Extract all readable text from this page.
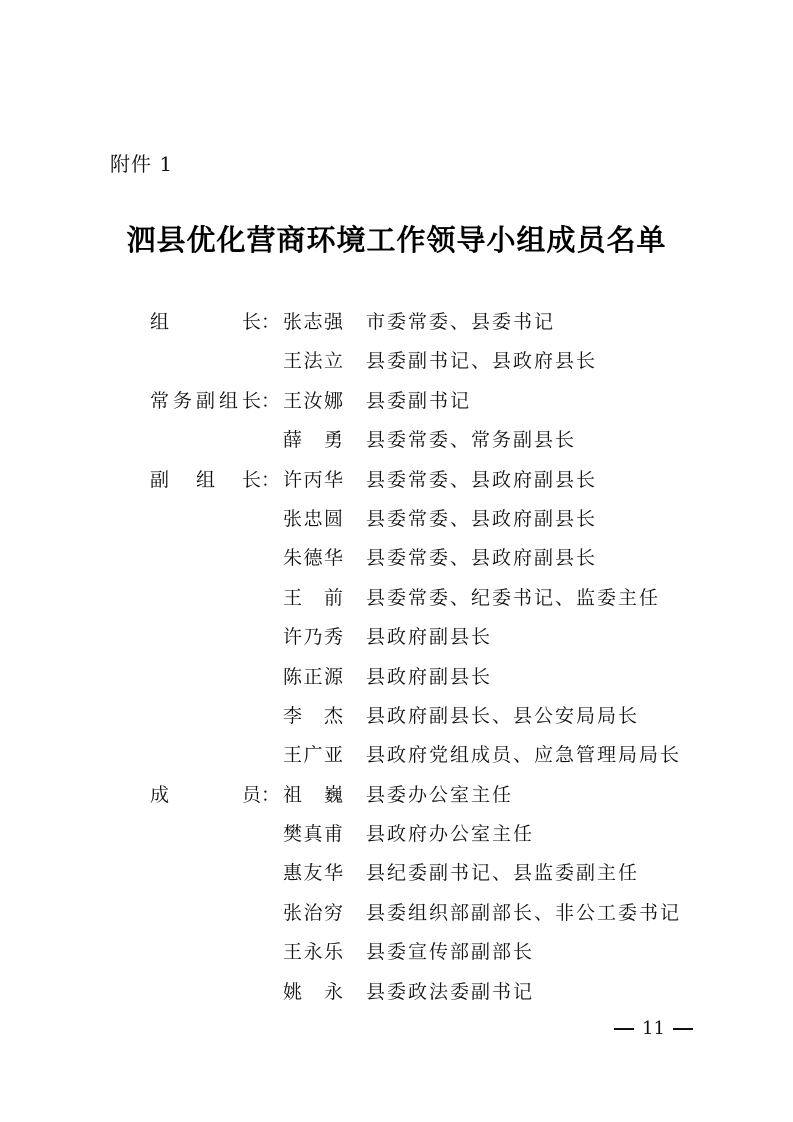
附件 1
泗县优化营商环境工作领导小组成员名单
组	长： 张 志 强 市委常委、县委书记
王 法 立 县委副书记、县政府县长
常 务 副 组 长： 王 汝 娜 县委副书记
薛 勇 县委常委、常务副县长
副 组 长： 许 丙 华 县委常委、县政府副县长
张 忠 圆 县委常委、县政府副县长
朱 德 华 县委常委、县政府副县长
王 前 县委常委、纪委书记、监委主任
许 乃 秀 县政府副县长
陈 正 源 县政府副县长
李 杰 县政府副县长、县公安局局长
王 广 亚 县政府党组成员、应急管理局局长
成	员： 祖 巍 县委办公室主任
樊 真 甫 县政府办公室主任
惠 友 华 县纪委副书记、县监委副主任
张 治 穷 县委组织部副部长、非公工委书记
王 永 乐 县委宣传部副部长
姚 永 县委政法委副书记
11
